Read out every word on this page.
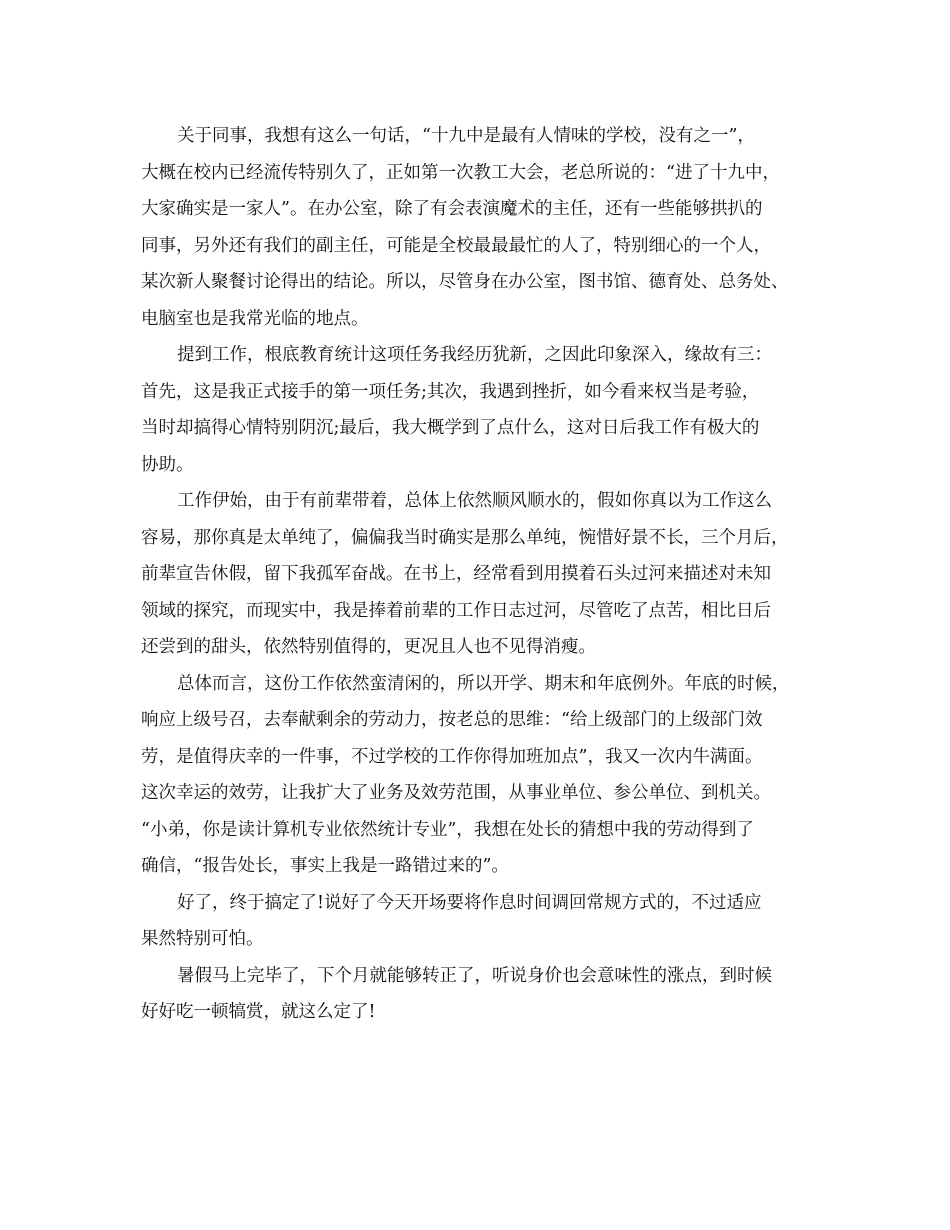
关于同事，我想有这么一句话，“十九中是最有人情味的学校，没有之一”，
大概在校内已经流传特别久了，正如第一次教工大会，老总所说的：“进了十九中，
大家确实是一家人”。在办公室，除了有会表演魔术的主任，还有一些能够拱扒的
同事，另外还有我们的副主任，可能是全校最最最忙的人了，特别细心的一个人，
某次新人聚餐讨论得出的结论。所以，尽管身在办公室，图书馆、德育处、总务处、
电脑室也是我常光临的地点。
提到工作，根底教育统计这项任务我经历犹新，之因此印象深入，缘故有三：
首先，这是我正式接手的第一项任务;其次，我遇到挫折，如今看来权当是考验，
当时却搞得心情特别阴沉;最后，我大概学到了点什么，这对日后我工作有极大的
协助。
工作伊始，由于有前辈带着，总体上依然顺风顺水的，假如你真以为工作这么
容易，那你真是太单纯了，偏偏我当时确实是那么单纯，惋惜好景不长，三个月后，
前辈宣告休假，留下我孤军奋战。在书上，经常看到用摸着石头过河来描述对未知
领域的探究，而现实中，我是捧着前辈的工作日志过河，尽管吃了点苦，相比日后
还尝到的甜头，依然特别值得的，更况且人也不见得消瘦。
总体而言，这份工作依然蛮清闲的，所以开学、期末和年底例外。年底的时候，
响应上级号召，去奉献剩余的劳动力，按老总的思维：“给上级部门的上级部门效
劳，是值得庆幸的一件事，不过学校的工作你得加班加点”，我又一次内牛满面。
这次幸运的效劳，让我扩大了业务及效劳范围，从事业单位、参公单位、到机关。
“小弟，你是读计算机专业依然统计专业”，我想在处长的猜想中我的劳动得到了
确信，“报告处长，事实上我是一路错过来的”。
好了，终于搞定了!说好了今天开场要将作息时间调回常规方式的，不过适应
果然特别可怕。
暑假马上完毕了，下个月就能够转正了，听说身价也会意味性的涨点，到时候
好好吃一顿犒赏，就这么定了!
